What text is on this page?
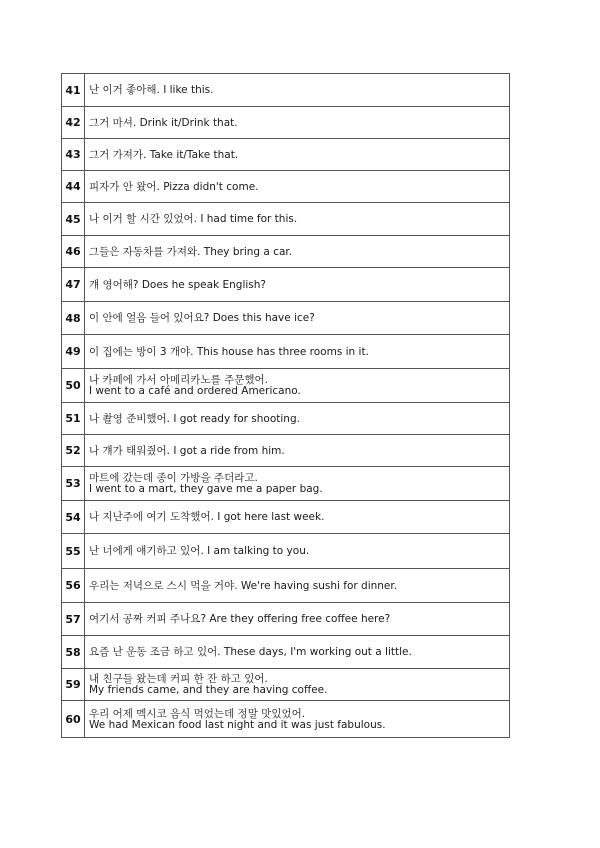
41	난 이거 좋아해. I like this.

42	그거 마셔. Drink it/Drink that.

43	그거 가져가. Take it/Take that.

44	피자가 안 왔어. Pizza didn't come.

45	나 이거 할 시간 있었어. I had time for this.

46	그들은 자동차를 가져와. They bring a car.

47	걔 영어해? Does he speak English?

48	이 안에 얼음 들어 있어요? Does this have ice?

49	이 집에는 방이 3 개야. This house has three rooms in it.

50	나 카페에 가서 아메리카노를 주문했어.
I went to a café and ordered Americano.

51	나 촬영 준비했어. I got ready for shooting.

52	나 걔가 태워줬어. I got a ride from him.

53	마트에 갔는데 종이 가방을 주더라고.
I went to a mart, they gave me a paper bag.

54	나 지난주에 여기 도착했어. I got here last week.

55	난 너에게 얘기하고 있어. I am talking to you.

56	우리는 저녁으로 스시 먹을 거야. We're having sushi for dinner.

57	여기서 공짜 커피 주나요? Are they offering free coffee here?

58	요즘 난 운동 조금 하고 있어. These days, I'm working out a little.

59	내 친구들 왔는데 커피 한 잔 하고 있어.
My friends came, and they are having coffee.

60	우리 어제 멕시코 음식 먹었는데 정말 맛있었어.
We had Mexican food last night and it was just fabulous.
